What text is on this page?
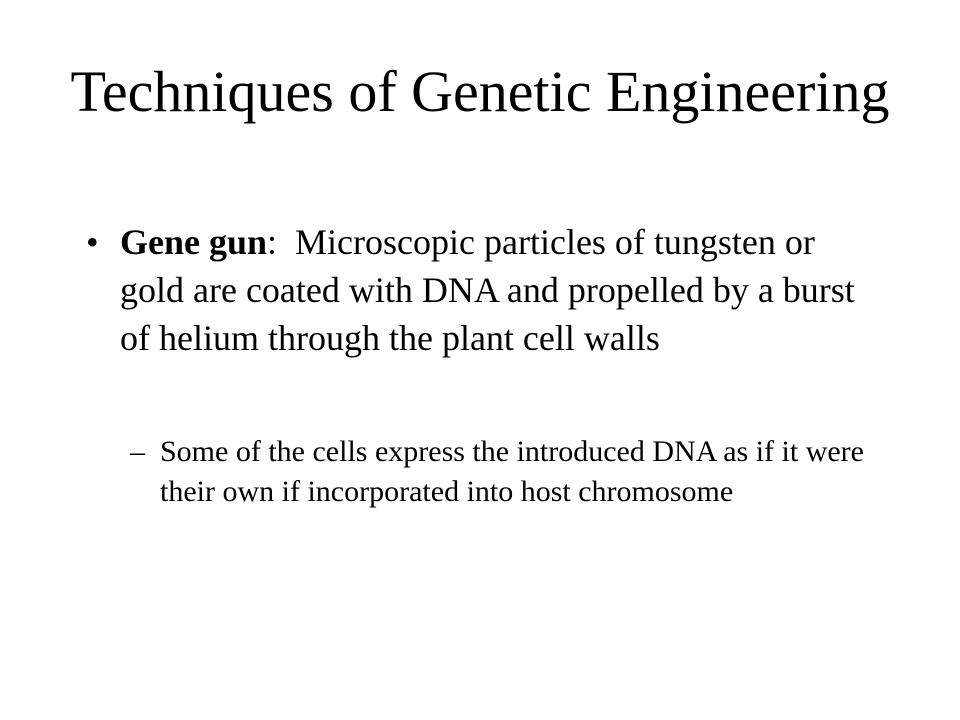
Techniques of Genetic Engineering
• Gene gun:  Microscopic particles of tungsten or gold are coated with DNA and propelled by a burst of helium through the plant cell walls
– Some of the cells express the introduced DNA as if it were their own if incorporated into host chromosome
